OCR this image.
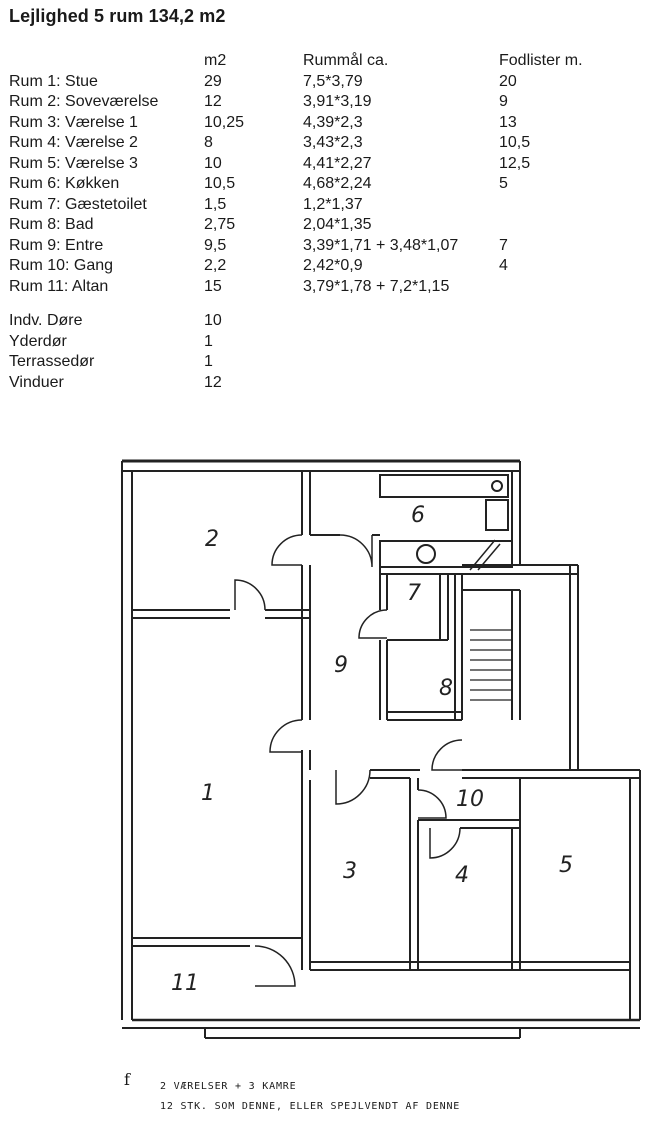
Lejlighed 5 rum 134,2 m2
m2	Rummål ca.	Fodlister m.
Rum 1: Stue	29	7,5*3,79	20
Rum 2: Soveværelse	12	3,91*3,19	9
Rum 3: Værelse 1	10,25	4,39*2,3	13
Rum 4: Værelse 2	8	3,43*2,3	10,5
Rum 5: Værelse 3	10	4,41*2,27	12,5
Rum 6: Køkken	10,5	4,68*2,24	5
Rum 7: Gæstetoilet	1,5	1,2*1,37
Rum 8: Bad	2,75	2,04*1,35
Rum 9: Entre	9,5	3,39*1,71 + 3,48*1,07	7
Rum 10: Gang	2,2	2,42*0,9	4
Rum 11: Altan	15	3,79*1,78 + 7,2*1,15
Indv. Døre	10
Yderdør	1
Terrassedør	1
Vinduer	12
1
2
3	4	5
6
7
8
9
10
11
f	2 VÆRELSER + 3 KAMRE
12 STK. SOM DENNE, ELLER SPEJLVENDT AF DENNE
